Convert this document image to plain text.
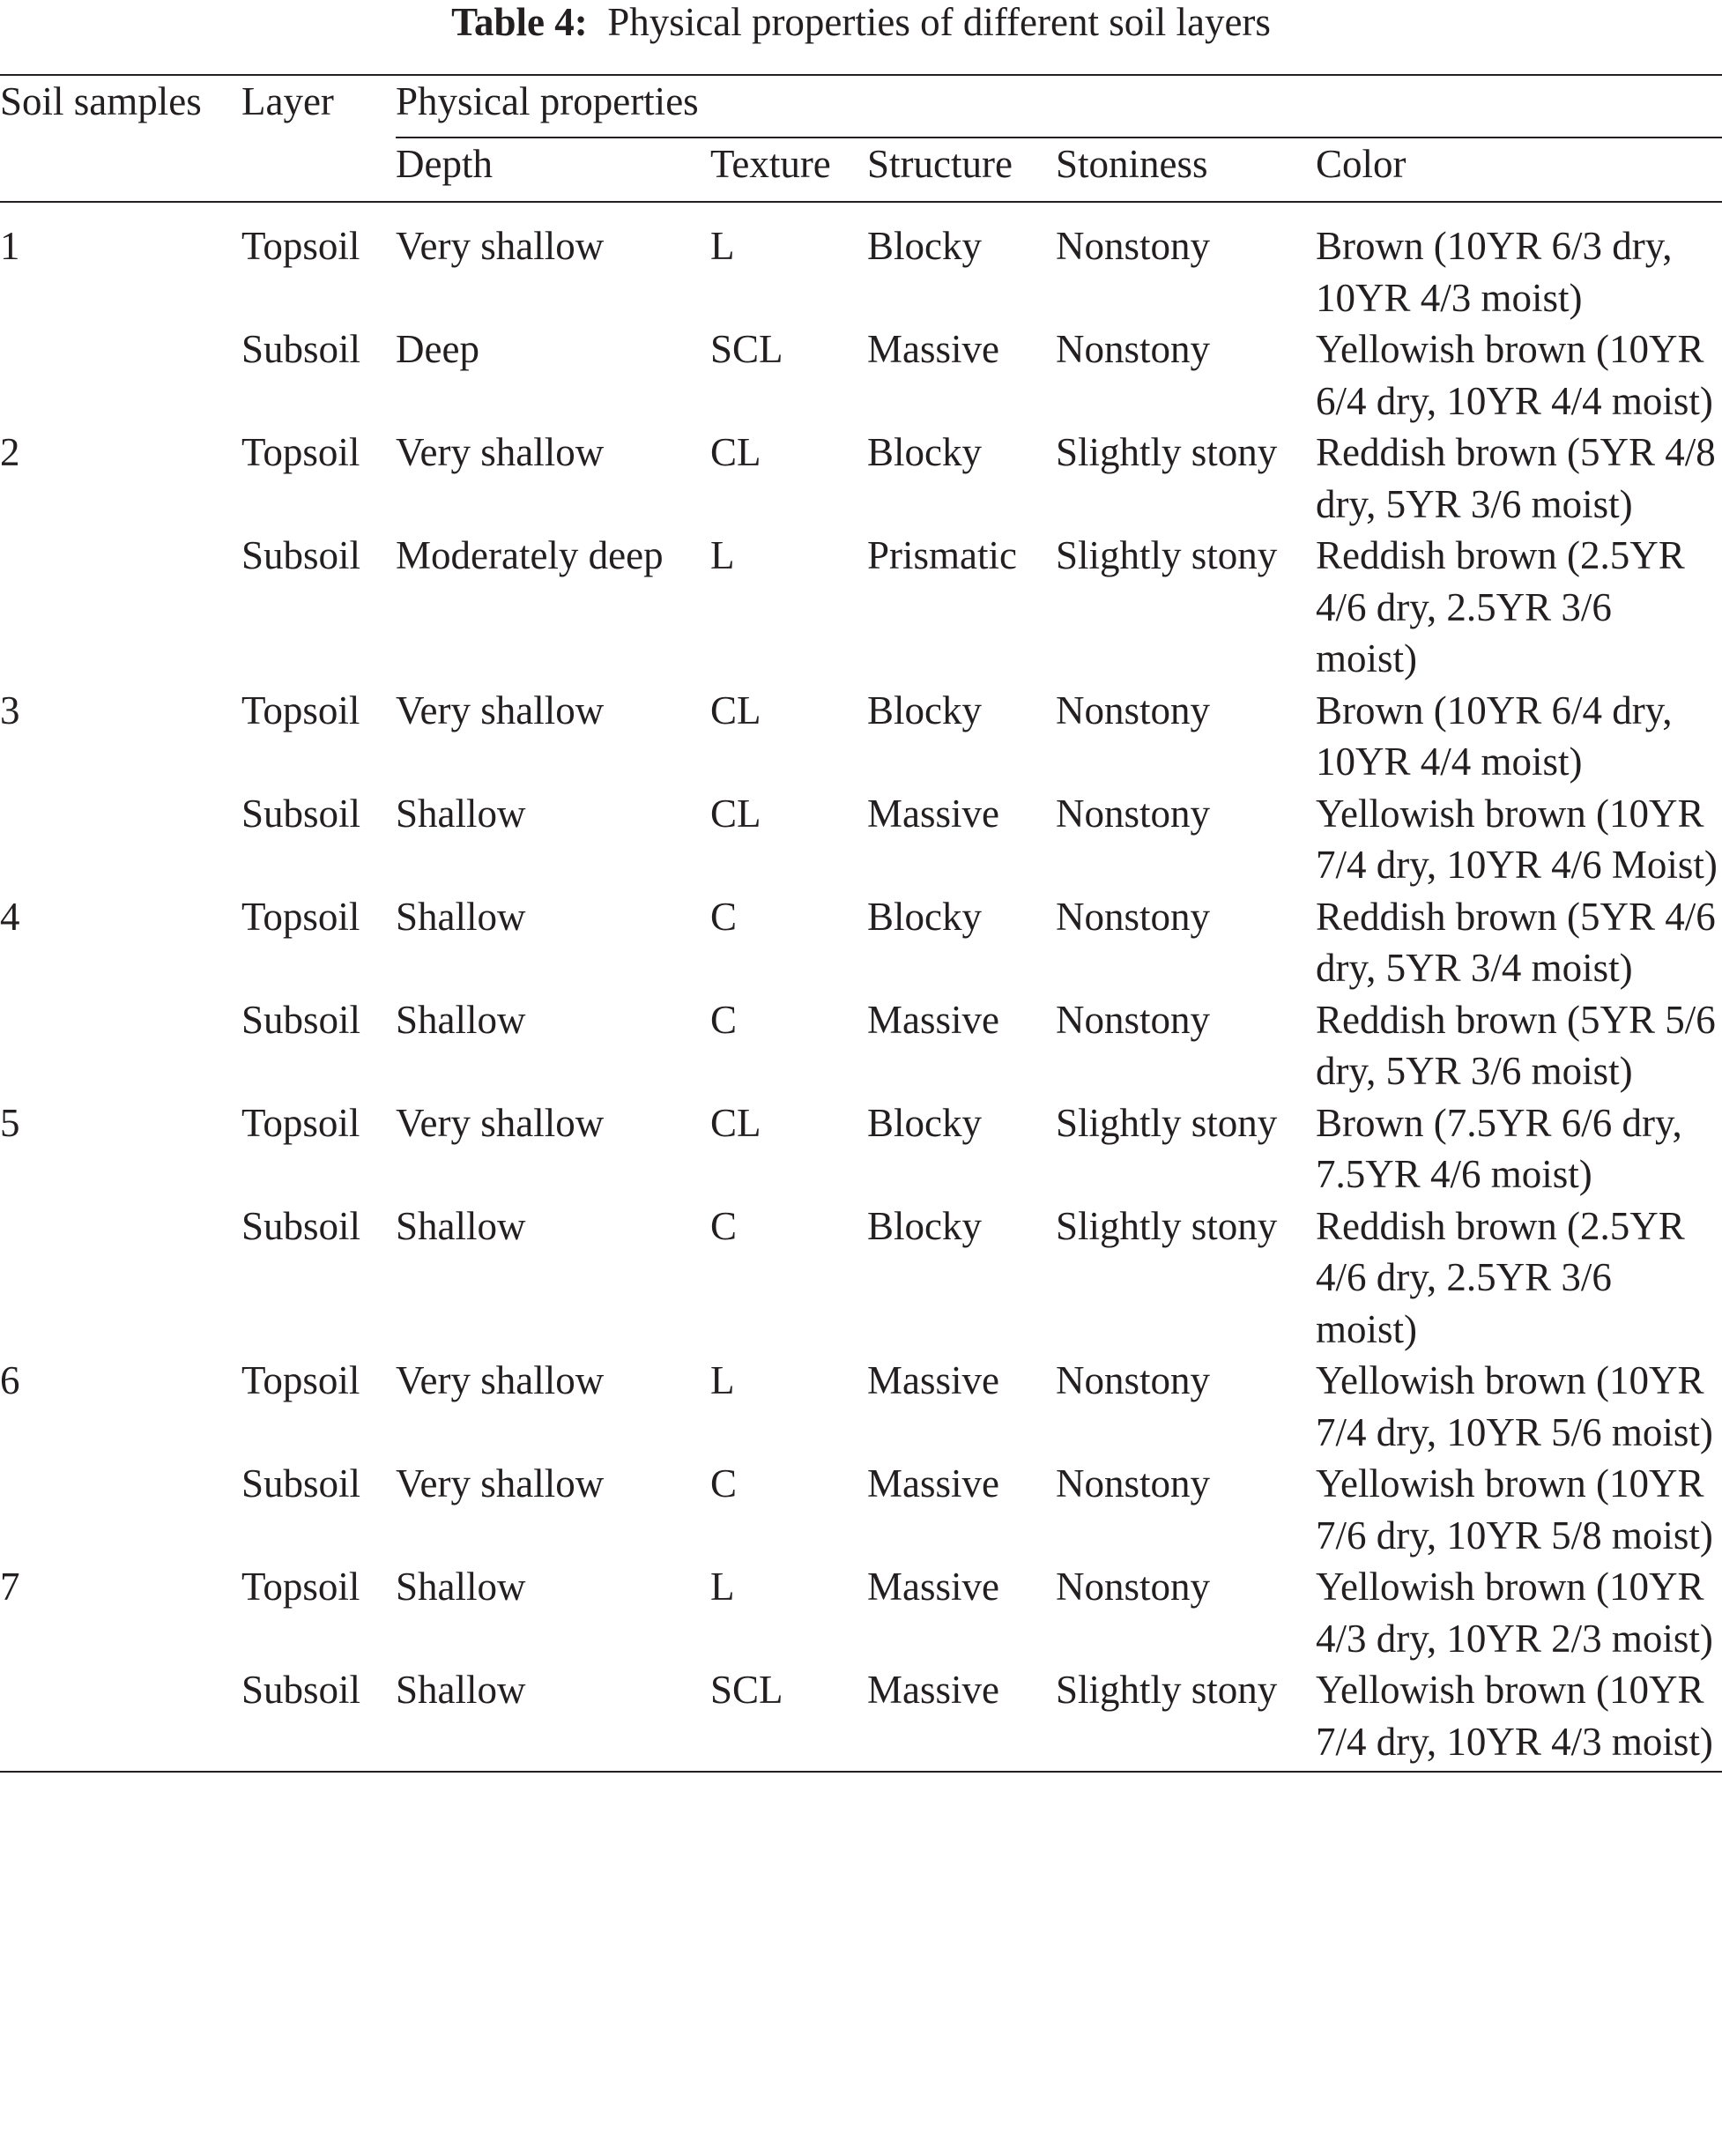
Table 4: Physical properties of different soil layers
Soil samples	Layer	Physical properties				
		Depth	Texture	Structure	Stoniness	Color
1	Topsoil	Very shallow	L	Blocky	Nonstony	Brown (10YR 6/3 dry, 10YR 4/3 moist)
	Subsoil	Deep	SCL	Massive	Nonstony	Yellowish brown (10YR 6/4 dry, 10YR 4/4 moist)
2	Topsoil	Very shallow	CL	Blocky	Slightly stony	Reddish brown (5YR 4/8 dry, 5YR 3/6 moist)
	Subsoil	Moderately deep	L	Prismatic	Slightly stony	Reddish brown (2.5YR 4/6 dry, 2.5YR 3/6 moist)
3	Topsoil	Very shallow	CL	Blocky	Nonstony	Brown (10YR 6/4 dry, 10YR 4/4 moist)
	Subsoil	Shallow	CL	Massive	Nonstony	Yellowish brown (10YR 7/4 dry, 10YR 4/6 Moist)
4	Topsoil	Shallow	C	Blocky	Nonstony	Reddish brown (5YR 4/6 dry, 5YR 3/4 moist)
	Subsoil	Shallow	C	Massive	Nonstony	Reddish brown (5YR 5/6 dry, 5YR 3/6 moist)
5	Topsoil	Very shallow	CL	Blocky	Slightly stony	Brown (7.5YR 6/6 dry, 7.5YR 4/6 moist)
	Subsoil	Shallow	C	Blocky	Slightly stony	Reddish brown (2.5YR 4/6 dry, 2.5YR 3/6 moist)
6	Topsoil	Very shallow	L	Massive	Nonstony	Yellowish brown (10YR 7/4 dry, 10YR 5/6 moist)
	Subsoil	Very shallow	C	Massive	Nonstony	Yellowish brown (10YR 7/6 dry, 10YR 5/8 moist)
7	Topsoil	Shallow	L	Massive	Nonstony	Yellowish brown (10YR 4/3 dry, 10YR 2/3 moist)
	Subsoil	Shallow	SCL	Massive	Slightly stony	Yellowish brown (10YR 7/4 dry, 10YR 4/3 moist)
